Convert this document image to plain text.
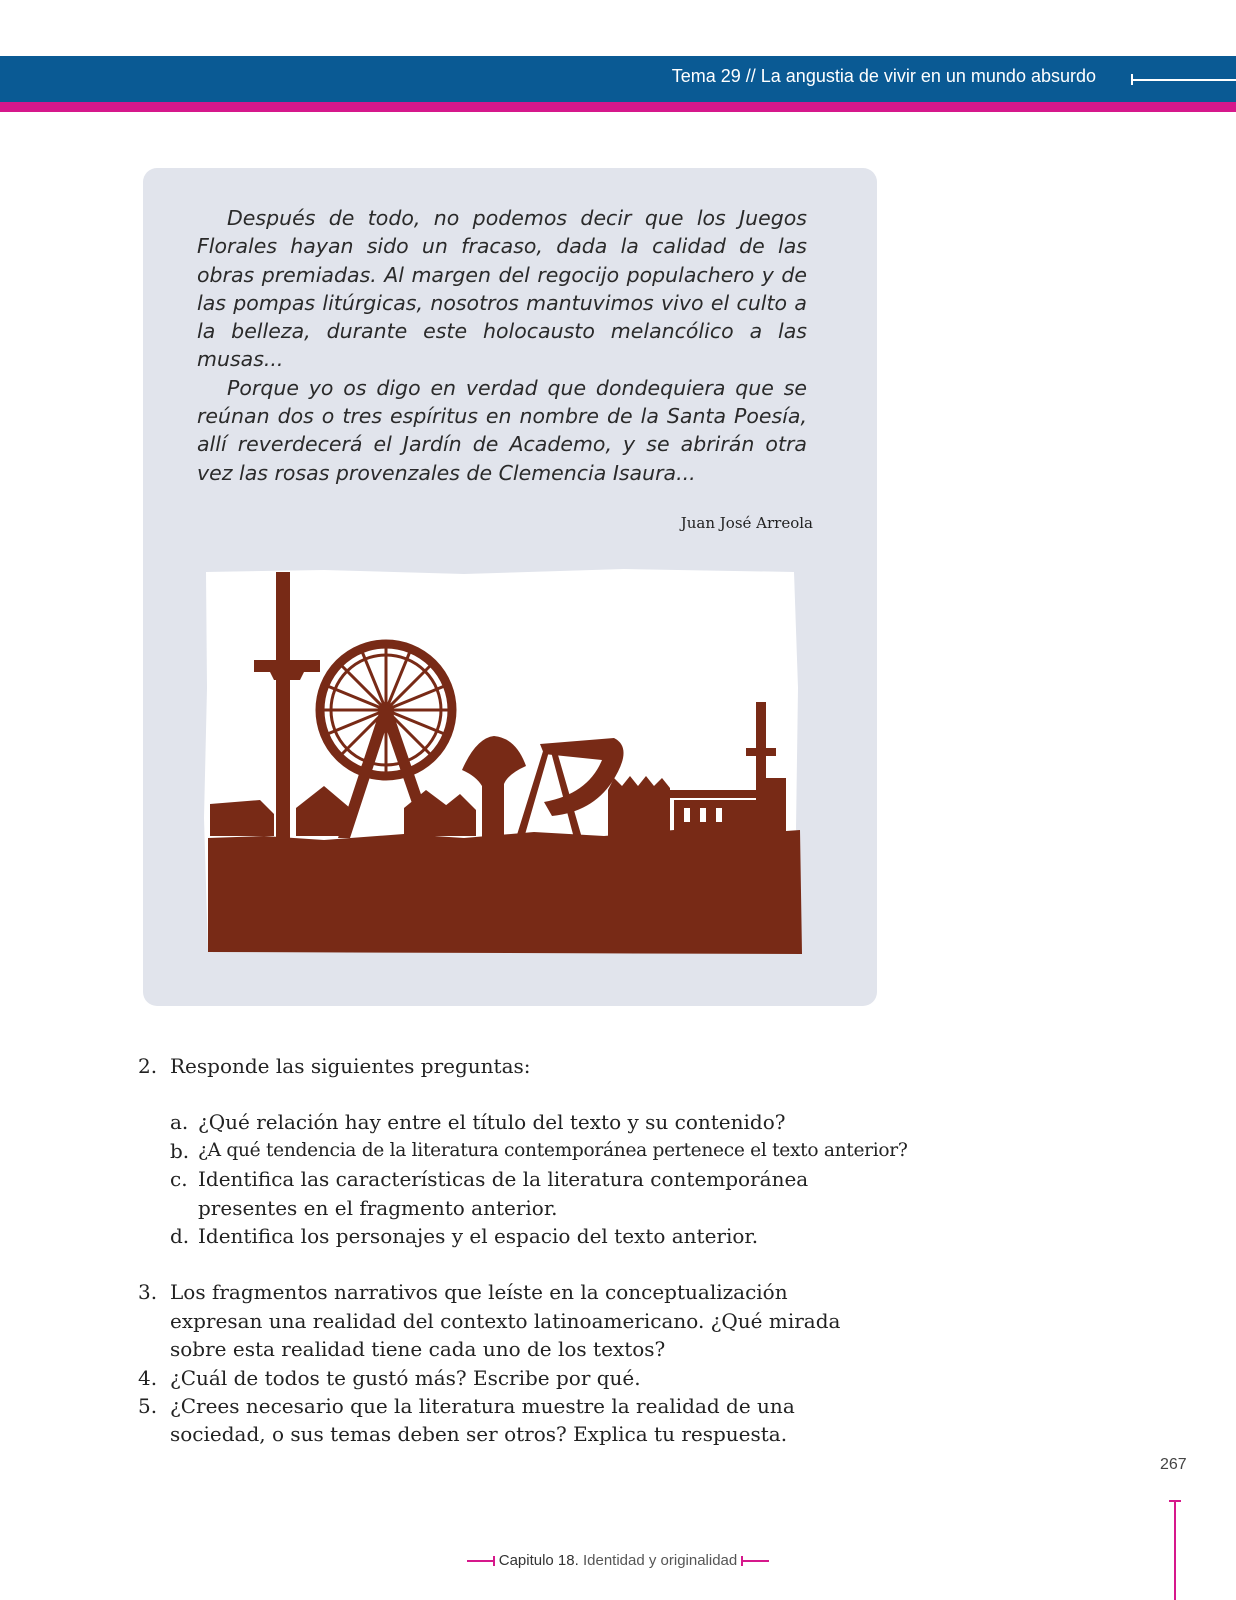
Tema 29 // La angustia de vivir en un mundo absurdo

Después de todo, no podemos decir que los Juegos Florales hayan sido un fracaso, dada la calidad de las obras premiadas. Al margen del regocijo populachero y de las pompas litúrgicas, nosotros mantuvimos vivo el culto a la belleza, durante este holocausto melancólico a las musas...

Porque yo os digo en verdad que dondequiera que se reúnan dos o tres espíritus en nombre de la Santa Poesía, allí reverdecerá el Jardín de Academo, y se abrirán otra vez las rosas provenzales de Clemencia Isaura...

Juan José Arreola
2. Responde las siguientes preguntas:
a. ¿Qué relación hay entre el título del texto y su contenido?
b. ¿A qué tendencia de la literatura contemporánea pertenece el texto anterior?
c. Identifica las características de la literatura contemporánea presentes en el fragmento anterior.
d. Identifica los personajes y el espacio del texto anterior.
3. Los fragmentos narrativos que leíste en la conceptualización expresan una realidad del contexto latinoamericano. ¿Qué mirada sobre esta realidad tiene cada uno de los textos?
4. ¿Cuál de todos te gustó más? Escribe por qué.
5. ¿Crees necesario que la literatura muestre la realidad de una sociedad, o sus temas deben ser otros? Explica tu respuesta.
267
Capitulo 18. Identidad y originalidad
